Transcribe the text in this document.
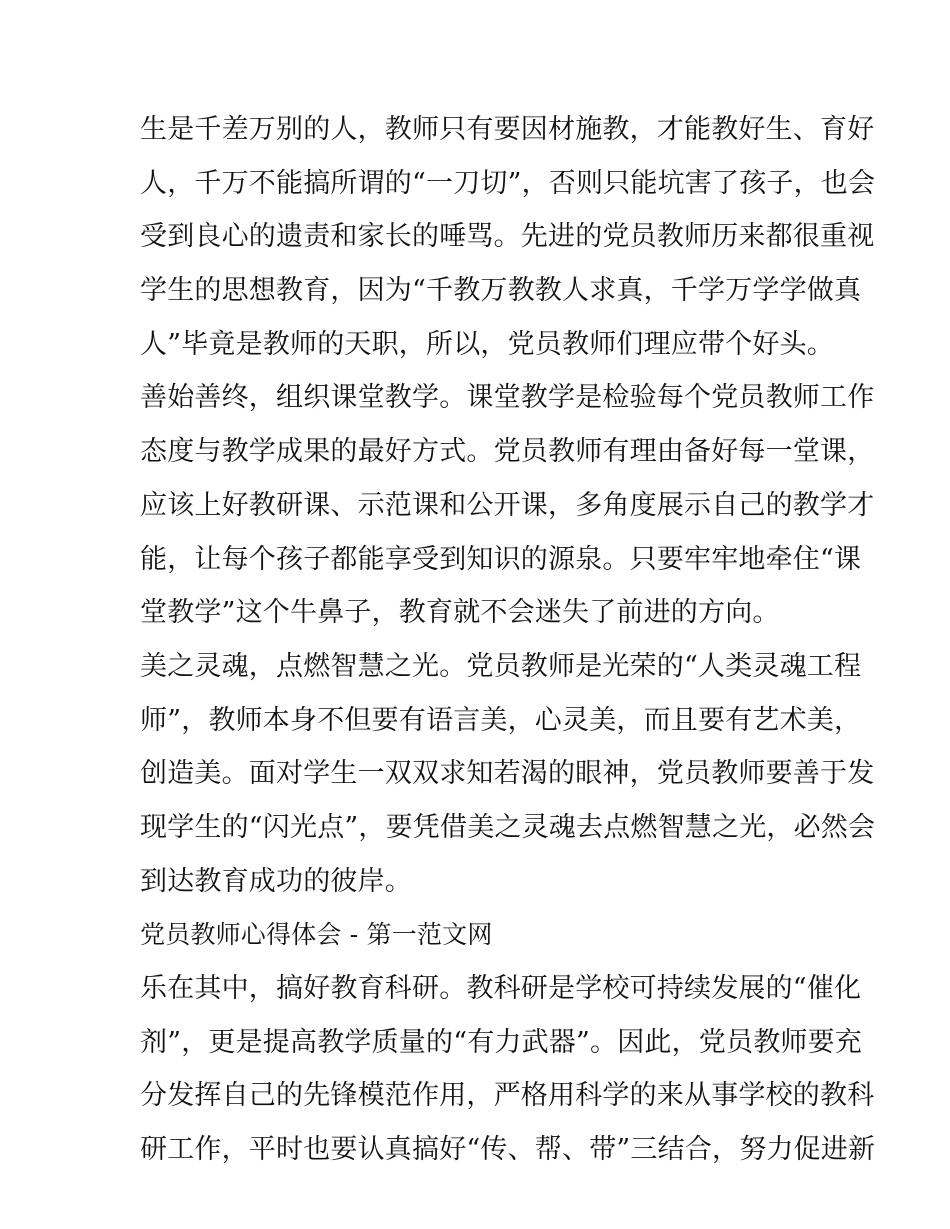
生是千差万别的人，教师只有要因材施教，才能教好生、育好
人，千万不能搞所谓的“一刀切”，否则只能坑害了孩子，也会
受到良心的遗责和家长的唾骂。先进的党员教师历来都很重视
学生的思想教育，因为“千教万教教人求真，千学万学学做真
人”毕竟是教师的天职，所以，党员教师们理应带个好头。
善始善终，组织课堂教学。课堂教学是检验每个党员教师工作
态度与教学成果的最好方式。党员教师有理由备好每一堂课，
应该上好教研课、示范课和公开课，多角度展示自己的教学才
能，让每个孩子都能享受到知识的源泉。只要牢牢地牵住“课
堂教学”这个牛鼻子，教育就不会迷失了前进的方向。
美之灵魂，点燃智慧之光。党员教师是光荣的“人类灵魂工程
师”，教师本身不但要有语言美，心灵美，而且要有艺术美，
创造美。面对学生一双双求知若渴的眼神，党员教师要善于发
现学生的“闪光点”，要凭借美之灵魂去点燃智慧之光，必然会
到达教育成功的彼岸。
党员教师心得体会 - 第一范文网
乐在其中，搞好教育科研。教科研是学校可持续发展的“催化
剂”，更是提高教学质量的“有力武器”。因此，党员教师要充
分发挥自己的先锋模范作用，严格用科学的来从事学校的教科
研工作，平时也要认真搞好“传、帮、带”三结合，努力促进新
